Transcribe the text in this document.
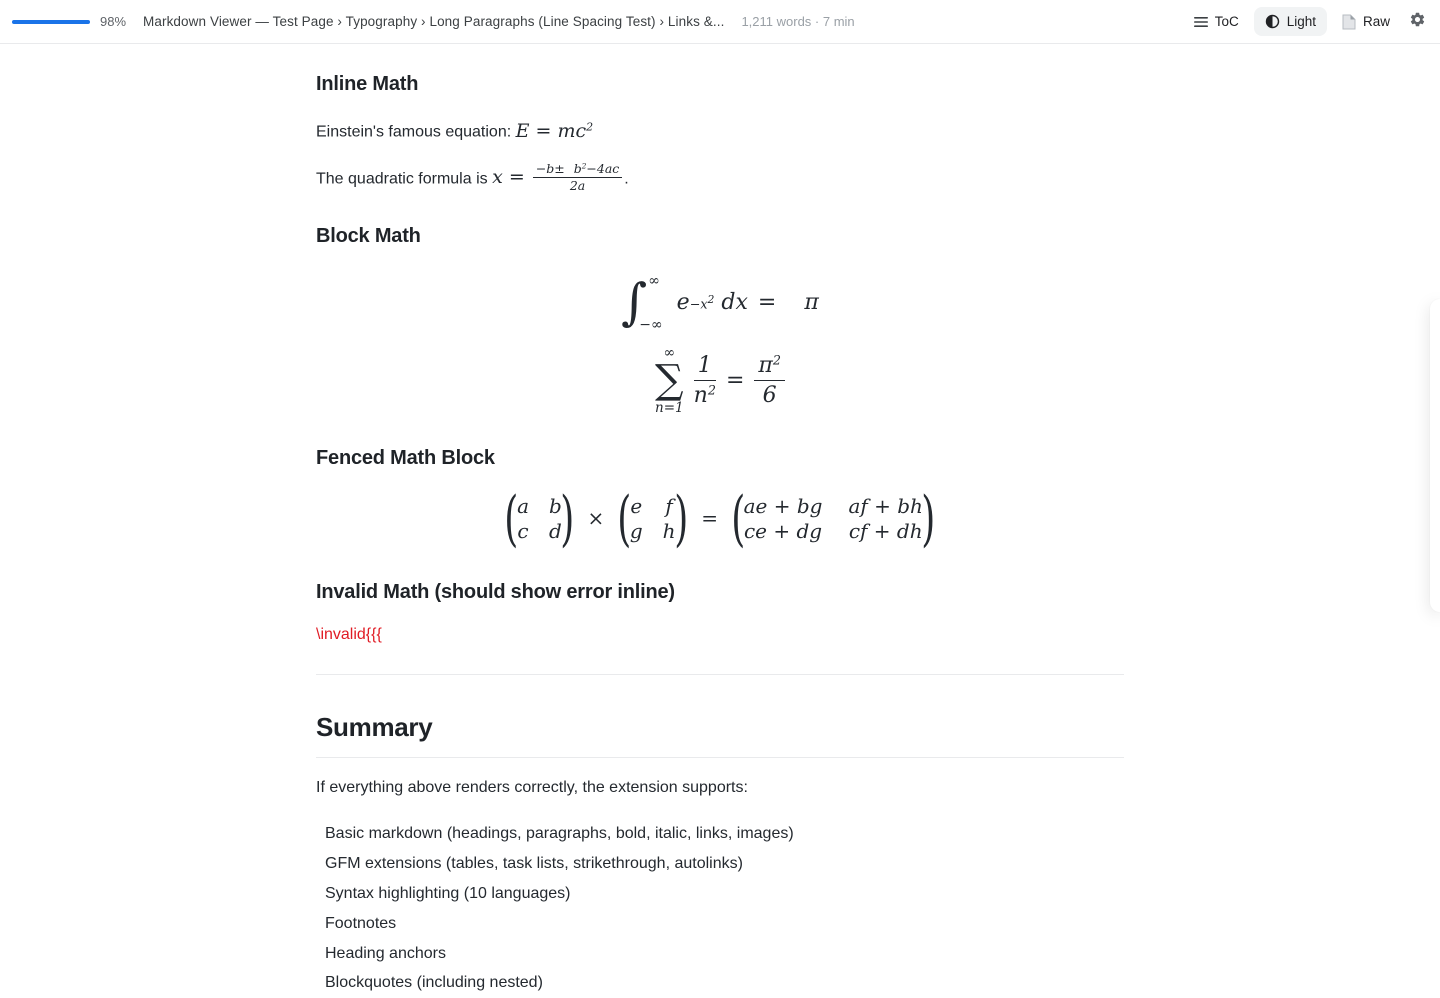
98% Markdown Viewer — Test Page › Typography › Long Paragraphs (Line Spacing Test) › Links &... 1,211 words · 7 min	ToC	Light	Raw
Inline Math

Einstein's famous equation: $E = mc^2$

The quadratic formula is $x = \frac{-b\pm b^2-4ac}{2a}$ .

Block Math
∫ ∞
−∞
$e -x^2$
dx = π
∞
∑
$n=1 \frac{1}{n^2} = \frac{\pi^2}{6}$
Fenced Math Block
(
a b
c d
) × (
e f
g h
) = (
ae + bg af + bh
ce + dg cf + dh
)
Invalid Math (should show error inline)

\invalid{{{

Summary

If everything above renders correctly, the extension supports:

Basic markdown (headings, paragraphs, bold, italic, links, images)
GFM extensions (tables, task lists, strikethrough, autolinks)
Syntax highlighting (10 languages)
Footnotes
Heading anchors
Blockquotes (including nested)
